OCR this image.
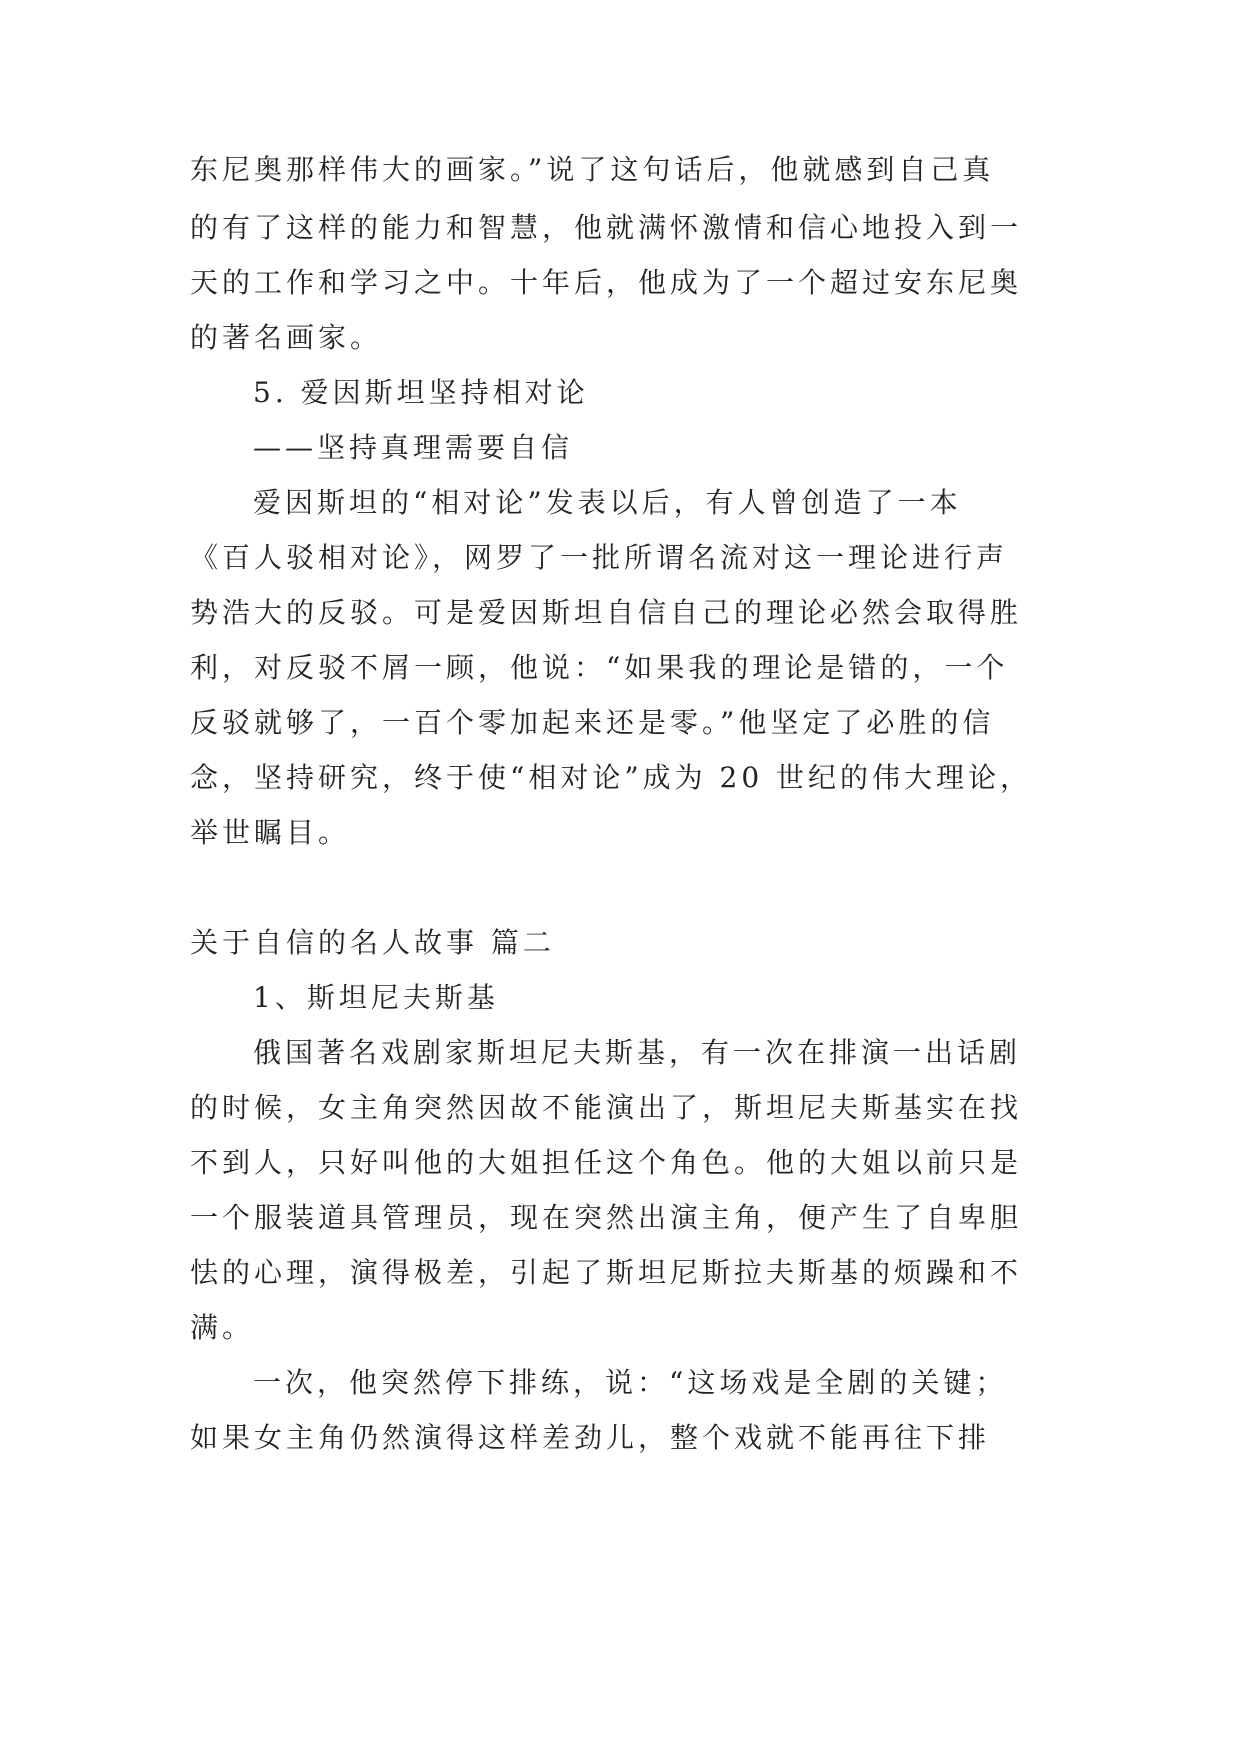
东尼奥那样伟大的画家。”说了这句话后，他就感到自己真
的有了这样的能力和智慧，他就满怀激情和信心地投入到一
天的工作和学习之中。十年后，他成为了一个超过安东尼奥
的著名画家。
5. 爱因斯坦坚持相对论
——坚持真理需要自信
爱因斯坦的“相对论”发表以后，有人曾创造了一本
《百人驳相对论》，网罗了一批所谓名流对这一理论进行声
势浩大的反驳。可是爱因斯坦自信自己的理论必然会取得胜
利，对反驳不屑一顾，他说：“如果我的理论是错的，一个
反驳就够了，一百个零加起来还是零。”他坚定了必胜的信
念，坚持研究，终于使“相对论”成为 20 世纪的伟大理论，
举世瞩目。
关于自信的名人故事 篇二
1、斯坦尼夫斯基
俄国著名戏剧家斯坦尼夫斯基，有一次在排演一出话剧
的时候，女主角突然因故不能演出了，斯坦尼夫斯基实在找
不到人，只好叫他的大姐担任这个角色。他的大姐以前只是
一个服装道具管理员，现在突然出演主角，便产生了自卑胆
怯的心理，演得极差，引起了斯坦尼斯拉夫斯基的烦躁和不
满。
一次，他突然停下排练，说：“这场戏是全剧的关键；
如果女主角仍然演得这样差劲儿，整个戏就不能再往下排
